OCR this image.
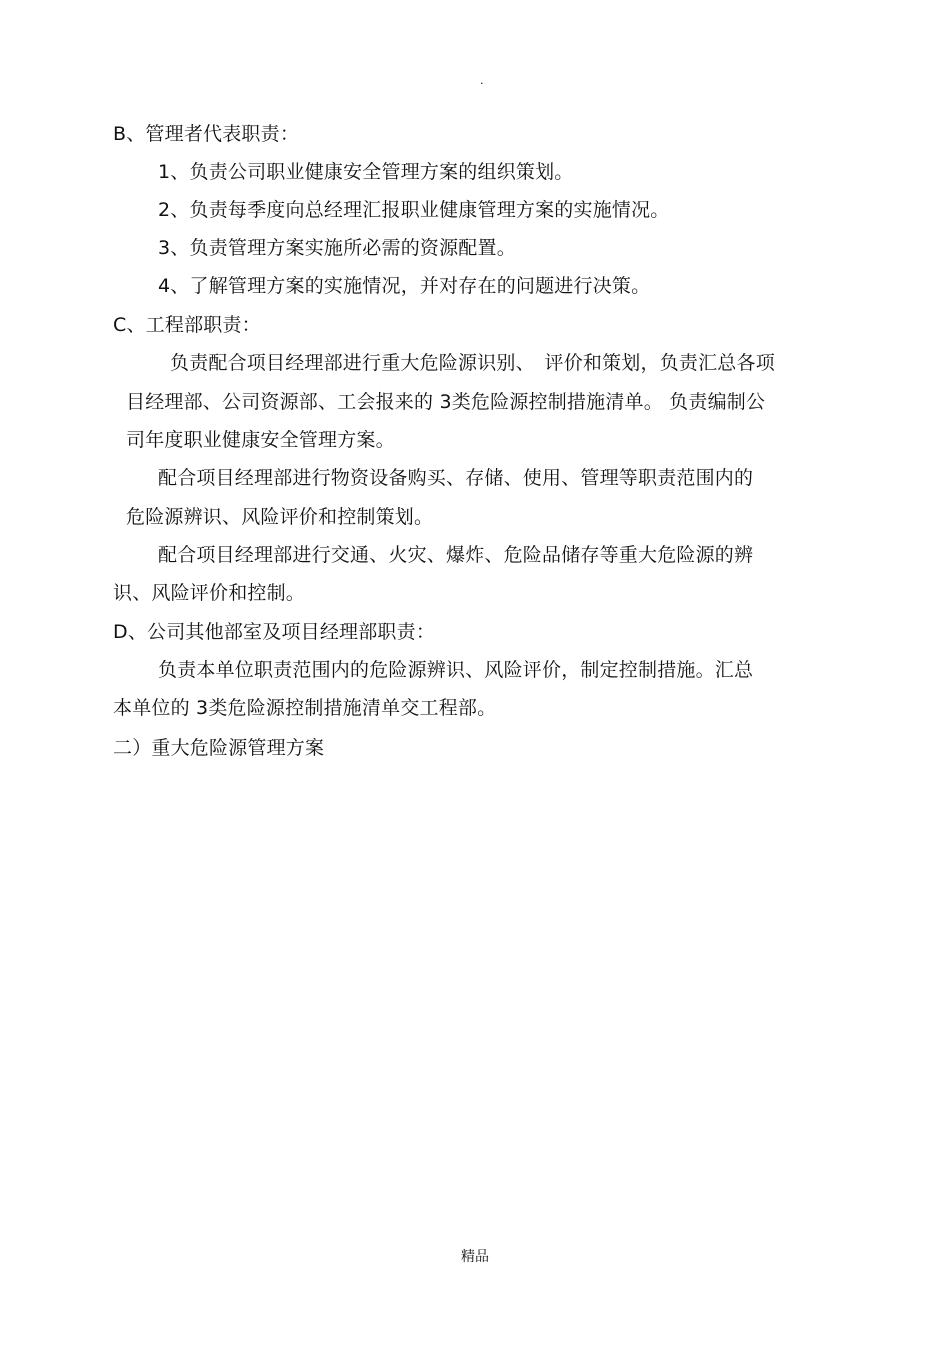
.
B、管理者代表职责：
1、负责公司职业健康安全管理方案的组织策划。
2、负责每季度向总经理汇报职业健康管理方案的实施情况。
3、负责管理方案实施所必需的资源配置。
4、了解管理方案的实施情况，并对存在的问题进行决策。
C、工程部职责：
负责配合项目经理部进行重大危险源识别、　评价和策划，负责汇总各项
目经理部、公司资源部、工会报来的 3类危险源控制措施清单。 负责编制公
司年度职业健康安全管理方案。
配合项目经理部进行物资设备购买、存储、使用、管理等职责范围内的
危险源辨识、风险评价和控制策划。
配合项目经理部进行交通、火灾、爆炸、危险品储存等重大危险源的辨
识、风险评价和控制。
D、公司其他部室及项目经理部职责：
负责本单位职责范围内的危险源辨识、风险评价，制定控制措施。汇总
本单位的 3类危险源控制措施清单交工程部。
二）重大危险源管理方案
精品
